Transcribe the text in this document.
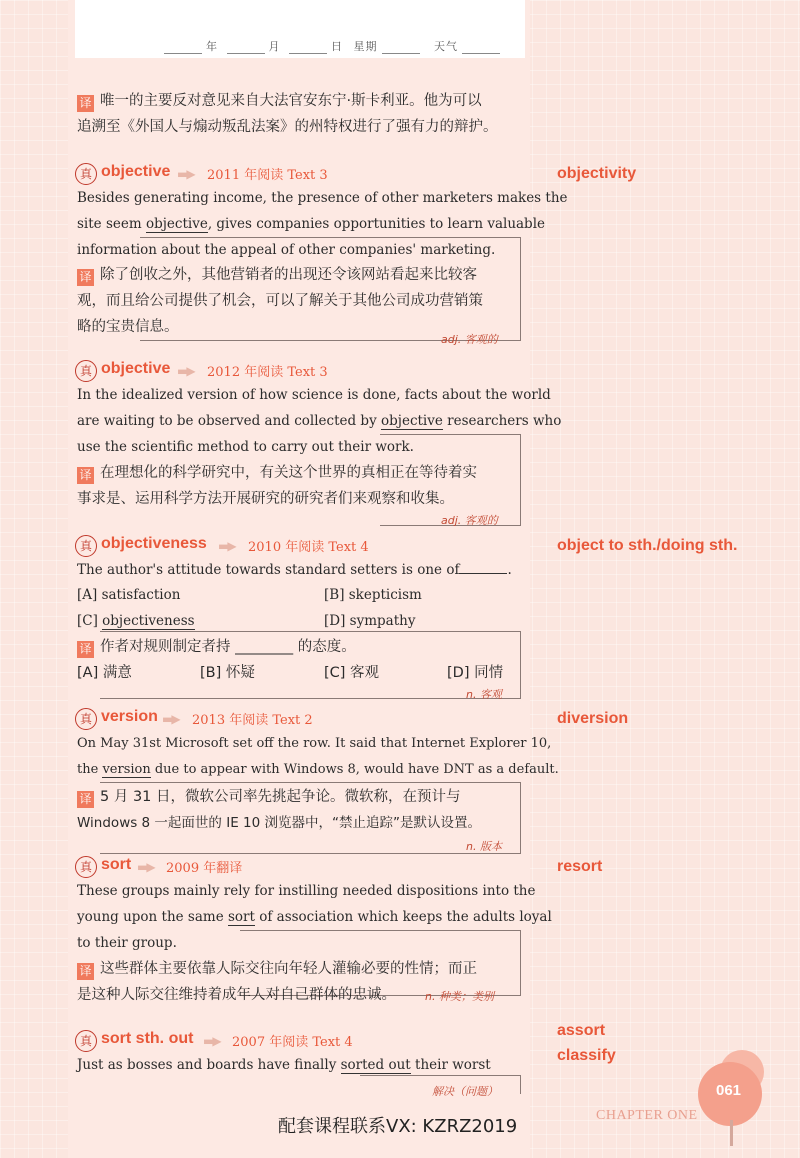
年	月	日 星期	天气
译 唯一的主要反对意见来自大法官安东宁·斯卡利亚。他为可以
追溯至《外国人与煽动叛乱法案》的州特权进行了强有力的辩护。
真 objective ▬▶ 2011 年阅读 Text 3	objectivity
Besides generating income, the presence of other marketers makes the
site seem objective, gives companies opportunities to learn valuable
information about the appeal of other companies' marketing.
译 除了创收之外，其他营销者的出现还令该网站看起来比较客
观，而且给公司提供了机会，可以了解关于其他公司成功营销策
略的宝贵信息。
adj. 客观的
真 objective ▬▶ 2012 年阅读 Text 3
In the idealized version of how science is done, facts about the world
are waiting to be observed and collected by objective researchers who
use the scientific method to carry out their work.
译 在理想化的科学研究中，有关这个世界的真相正在等待着实
事求是、运用科学方法开展研究的研究者们来观察和收集。
adj. 客观的
真 objectiveness ▬▶ 2010 年阅读 Text 4	object to sth./doing sth.
The author's attitude towards standard setters is one of	.
[A] satisfaction	[B] skepticism
[C] objectiveness	[D] sympathy
译 作者对规则制定者持 ________ 的态度。
[A] 满意	[B] 怀疑	[C] 客观	[D] 同情
n. 客观
真 version ▬▶ 2013 年阅读 Text 2	diversion
On May 31st Microsoft set off the row. It said that Internet Explorer 10,
the version due to appear with Windows 8, would have DNT as a default.
译 5 月 31 日，微软公司率先挑起争论。微软称，在预计与
Windows 8 一起面世的 IE 10 浏览器中，“禁止追踪”是默认设置。
n. 版本
真 sort ▬▶ 2009 年翻译	resort
These groups mainly rely for instilling needed dispositions into the
young upon the same sort of association which keeps the adults loyal
to their group.
译 这些群体主要依靠人际交往向年轻人灌输必要的性情；而正
是这种人际交往维持着成年人对自己群体的忠诚。	n. 种类；类别
真 sort sth. out ▬▶ 2007 年阅读 Text 4
assort
classify
Just as bosses and boards have finally sorted out their worst
解决（问题）	061
CHAPTER ONE
配套课程联系VX: KZRZ2019
